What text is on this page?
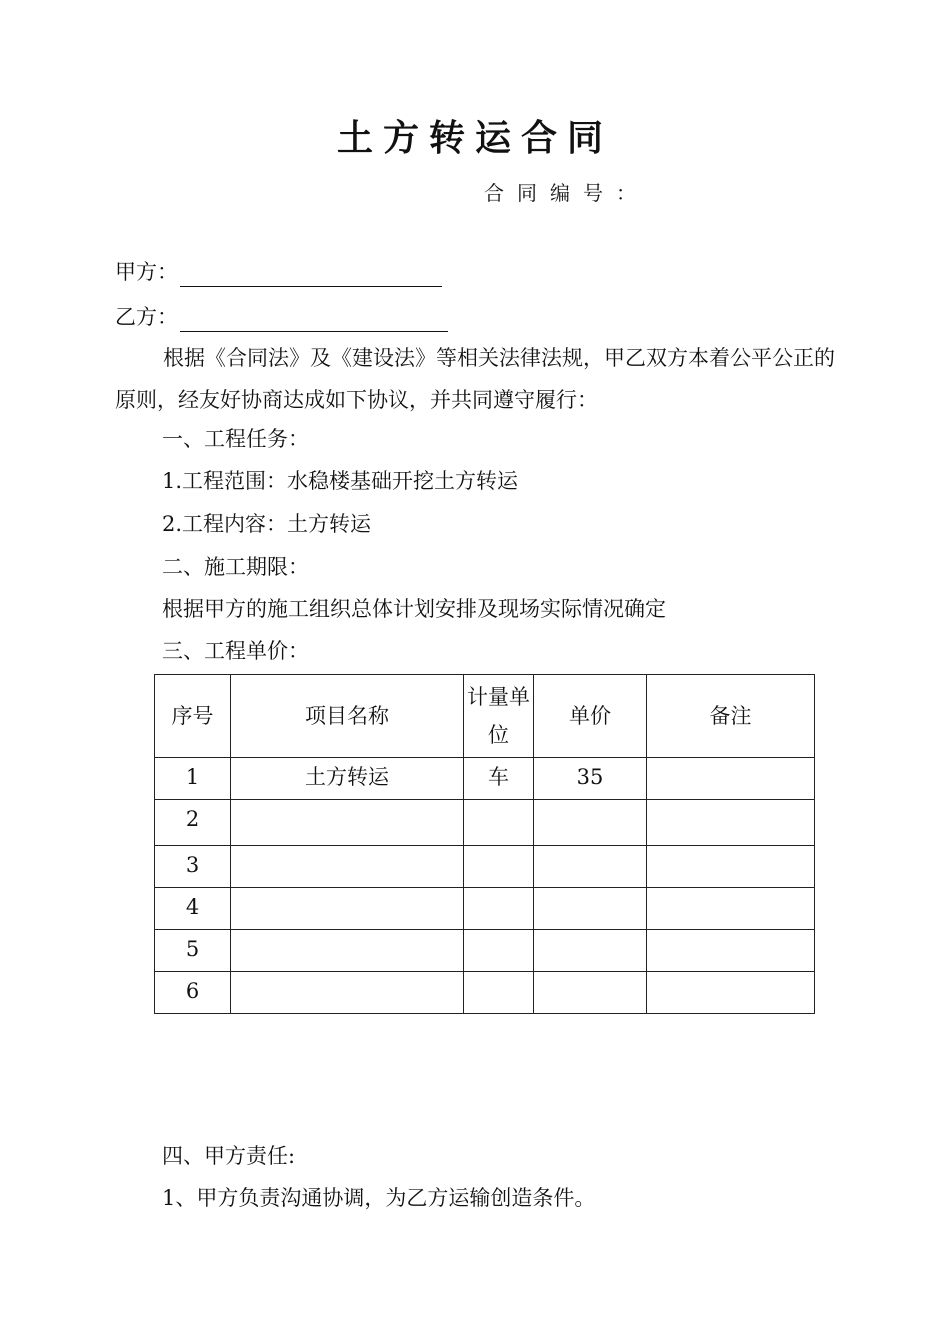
土方转运合同
合同编号：
甲方：
乙方：

根据《合同法》及《建设法》等相关法律法规，甲乙双方本着公平公正的原则，经友好协商达成如下协议，并共同遵守履行：

一、工程任务：
1.工程范围：水稳楼基础开挖土方转运
2.工程内容：土方转运
二、施工期限：
根据甲方的施工组织总体计划安排及现场实际情况确定
三、工程单价：
序号	项目名称	计量单位	单价	备注
1	土方转运	车	35	
2				
3				
4				
5				
6				
四、甲方责任:
1、甲方负责沟通协调，为乙方运输创造条件。
